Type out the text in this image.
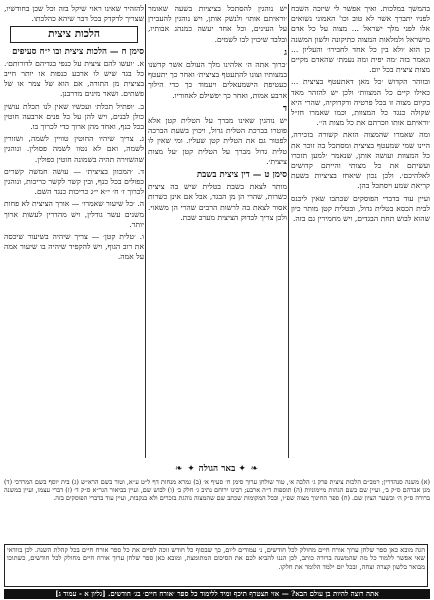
בהמשך במלכות. ואיך אפשר לי שיזכה השבח לפניו יתברך אשר לא טוב וכו' האמוני נשואים אלו לפני מלך ישראל ... מצוה על כל אדם מישראל ולמלאות המצוה כתיקונה ולשון המשנה כן הוא ׳ולא בין כל אחד לחבירו׳ והעליון ... ונאמר בזה ׳מה יפית ומה נעמת׳ שהאדם מקיים מצות ציצית בכל יום.

ובזוהר הקדוש ׳כל מאן דאתעטף בציצית ... כאילו קיים כל המצוות׳ ולכן יש להזהר מאד בקיום מצוה זו בכל פרטיה ודקדוקיה, שהרי היא שקולה כנגד כל המצוות, וכמו שאמרו חז״ל ׳וראיתם אותו וזכרתם את כל מצות ה׳׳.

ומה שאמרו שהמצוה הזאת קשורה בזכירה, היינו שמי שמעטף בציצית ומסתכל בה זוכר את כל המצוות ועושה אותן, שנאמר ׳למען תזכרו ועשיתם את כל מצותי והייתם קדושים לאלהיכם׳. ולכן נכון שיאחז בציציות בשעת קריאת שמע ויסתכל בהן.

ועיין עוד בדברי הפוסקים שכתבו שאין ליכנס לבית הכסא בטלית גדול, ובטלית קטן מותר כיון שהוא לבוש תחת הבגדים, ויש מחמירין גם בזה.

יש נוהגין להסתכל בציציות בשעה שאומר ׳וראיתם אותו׳ ולנשק אותן, ויש נוהגין להעבירן על העינים, וכל אחד יעשה כמנהג אבותיו, ובלבד שיכוין לבו לשמים.

ג

׳ברוך אתה ה׳ אלהינו מלך העולם אשר קדשנו במצותיו וצונו להתעטף בציצית׳ ואחר כך יתעטף כעטיפת הישמעאלים ויעמוד כך כדי הילוך ארבע אמות, ואחר כך יפשילם לאחוריו.

ד

יש נוהגין שאינו מברך על הטלית קטן אלא פוטרו בברכת הטלית גדול, ויכוין בשעת הברכה לפטור גם את הטלית קטן שעליו. ומי שאין לו טלית גדול מברך על הטלית קטן ׳על מצות ציצית׳.

סימן ט — דין ציצית בשבת

מותר לצאת בשבת בטלית שיש בה ציצית כשרות, שהרי הן מן הבגד, אבל אם אינן כשרות אסור לצאת בה לרשות הרבים שהרי הן משאוי. ולכן צריך לבדוק הציצית מערב שבת.

להזהיר שאינו ראוי שיקל בזה וכל שכן בחודשיו, שצריך לדקדק בכל דבר שיהא כהלכתו.

הלכות ציצית
סימן ח — הלכות ציצית ובו י״ח סעיפים

א. ׳ועשו להם ציצית על כנפי בגדיהם לדורותם׳. כל בגד שיש לו ארבע כנפות או יותר חייב בציצית מן התורה, אם הוא של צמר או של פשתים. ושאר מינים מדרבנן.

ב. ׳ופתיל תכלת׳ ועכשיו שאין לנו תכלת עושין כולן לבנים, ויש להן על כל פנים ארבעה חוטין בכל כנף, ואחד מהן ארוך כדי לכרוך בו.

ג. צריך שיהיו החוטין טוויין לשמה, ושזורין לשמה, ואם לא נטוו לשמה פסולין. ונוהגין שהשזירה תהיה בשמונה חוטין כפולין.

ד. ׳המכוון בציצית׳ — עושה חמשה קשרים כפולים בכל כנף, ובין קשר לקשר כריכות, ונוהגין לכרוך ז׳ ח׳ י״א י״ג כריכות כנגד השם.

ה. ׳כל שיעור שאמרו׳ — אורך הציצית לא פחות משנים עשר גודלין, ויש מהדרין לעשות ארוך יותר.

ו. ׳טלית קטן׳ — צריך שיהיה בשיעור שיכסה את רוב הגוף, ויש להקפיד שיהיה בו שיעור אמה על אמה.

❧ ✦ באר הגולה ✦ ❧
(א) משנה סנהדרין; רמב״ם הלכות ציצית פרק ג׳ הלכה א׳, טור שולחן ערוך סימן ח׳ סעיף א׳ (ב) גמרא מנחות דף ל״ט ע״א, וטור בשם הרא״ש (ג) בית יוסף בשם המרדכי (ד) מגן אברהם ס״ק ב׳, ועיין שם בשם הגהות מיימוניות (ה) תוספות ד״ה ארבע; רבינו ירוחם נתיב ג׳ חלק ב׳ (ו) לבוש שם, ועיין בביאור הגר״א ס״ק ד׳ (ז) דברי עצמו, ועיין במשנה ברורה ס״ק ה׳ ובשער הציון שם. (ח) ספר החינוך מצוה שפ״ו, ובכל המקומות שכתב שם שהמצוה נוהגת בזכרים ולא בנקבות, ועיין עוד בדברי הפוסקים בזה.
הגה מובא כאן ספר שלחן ערוך אורח חיים מחולק לכל חודשים, נ׳ עמודים ליום, כך שבסוף כל חודש זוכה לסיים את כל ספר אורח חיים בכל קהלת השנה. לכן בוודאי שאי אפשר ללמוד כל מה שהמשנה ברורה כותב, לכן הננו להביא לכם את הסיכום המתומצת, ומובא כאן ספר שלחן ערוך אורח חיים מחולק לכל חודשים, כשתוכו מבואר בלשון קצרה וצחה, ובכל יום ילמד הלומד את חלקו.
אתה רוצה להיות בן עולם הבא? — אזי תצטרף תיכף ומיד ללימוד כל ספר ׳אורח חיים׳ בג׳ חודשים. [גליון א - עמוד ג]
